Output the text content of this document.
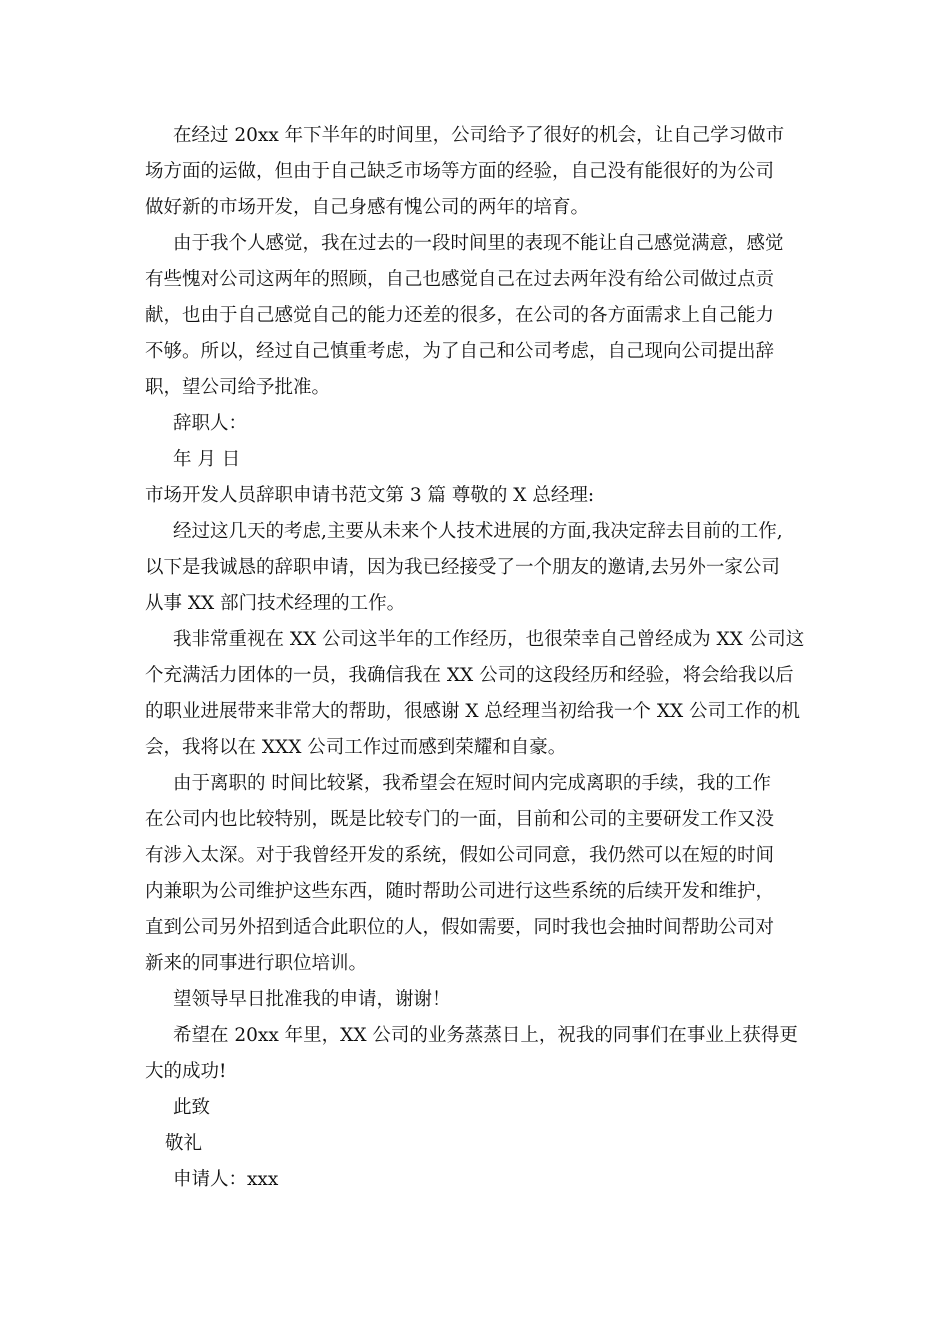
在经过 20xx 年下半年的时间里，公司给予了很好的机会，让自己学习做市
场方面的运做，但由于自己缺乏市场等方面的经验，自己没有能很好的为公司
做好新的市场开发，自己身感有愧公司的两年的培育。
由于我个人感觉，我在过去的一段时间里的表现不能让自己感觉满意，感觉
有些愧对公司这两年的照顾，自己也感觉自己在过去两年没有给公司做过点贡
献，也由于自己感觉自己的能力还差的很多，在公司的各方面需求上自己能力
不够。所以，经过自己慎重考虑，为了自己和公司考虑，自己现向公司提出辞
职，望公司给予批准。
辞职人：
年 月 日
市场开发人员辞职申请书范文第 3 篇 尊敬的 X 总经理:
经过这几天的考虑,主要从未来个人技术进展的方面,我决定辞去目前的工作,
以下是我诚恳的辞职申请，因为我已经接受了一个朋友的邀请,去另外一家公司
从事 XX 部门技术经理的工作。
我非常重视在 XX 公司这半年的工作经历，也很荣幸自己曾经成为 XX 公司这
个充满活力团体的一员，我确信我在 XX 公司的这段经历和经验，将会给我以后
的职业进展带来非常大的帮助，很感谢 X 总经理当初给我一个 XX 公司工作的机
会，我将以在 XXX 公司工作过而感到荣耀和自豪。
由于离职的 时间比较紧，我希望会在短时间内完成离职的手续，我的工作
在公司内也比较特别，既是比较专门的一面，目前和公司的主要研发工作又没
有涉入太深。对于我曾经开发的系统，假如公司同意，我仍然可以在短的时间
内兼职为公司维护这些东西，随时帮助公司进行这些系统的后续开发和维护，
直到公司另外招到适合此职位的人，假如需要，同时我也会抽时间帮助公司对
新来的同事进行职位培训。
望领导早日批准我的申请，谢谢！
希望在 20xx 年里，XX 公司的业务蒸蒸日上，祝我的同事们在事业上获得更
大的成功!
此致
敬礼
申请人：xxx
